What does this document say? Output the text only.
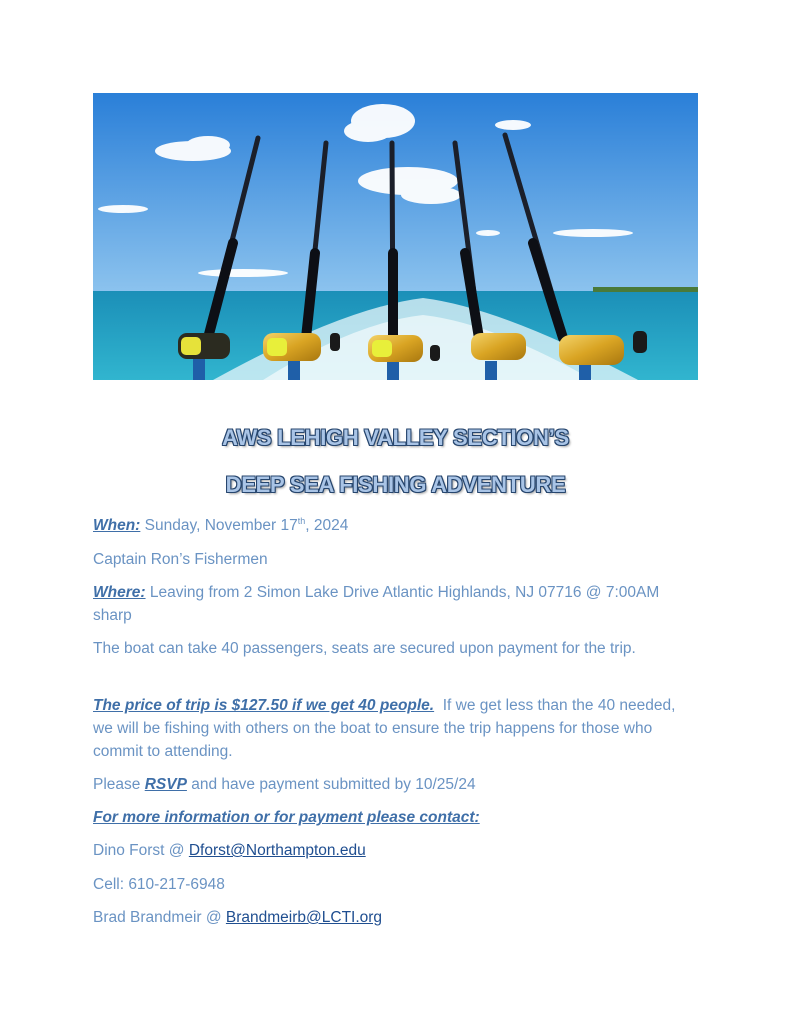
AWS LEHIGH VALLEY SECTION’S
DEEP SEA FISHING ADVENTURE
When: Sunday, November 17th, 2024
Captain Ron’s Fishermen
Where: Leaving from 2 Simon Lake Drive Atlantic Highlands, NJ 07716 @ 7:00AM sharp
The boat can take 40 passengers, seats are secured upon payment for the trip.
The price of trip is $127.50 if we get 40 people.  If we get less than the 40 needed, we will be fishing with others on the boat to ensure the trip happens for those who commit to attending.
Please RSVP and have payment submitted by 10/25/24
For more information or for payment please contact:
Dino Forst @ Dforst@Northampton.edu
Cell: 610-217-6948
Brad Brandmeir @ Brandmeirb@LCTI.org
